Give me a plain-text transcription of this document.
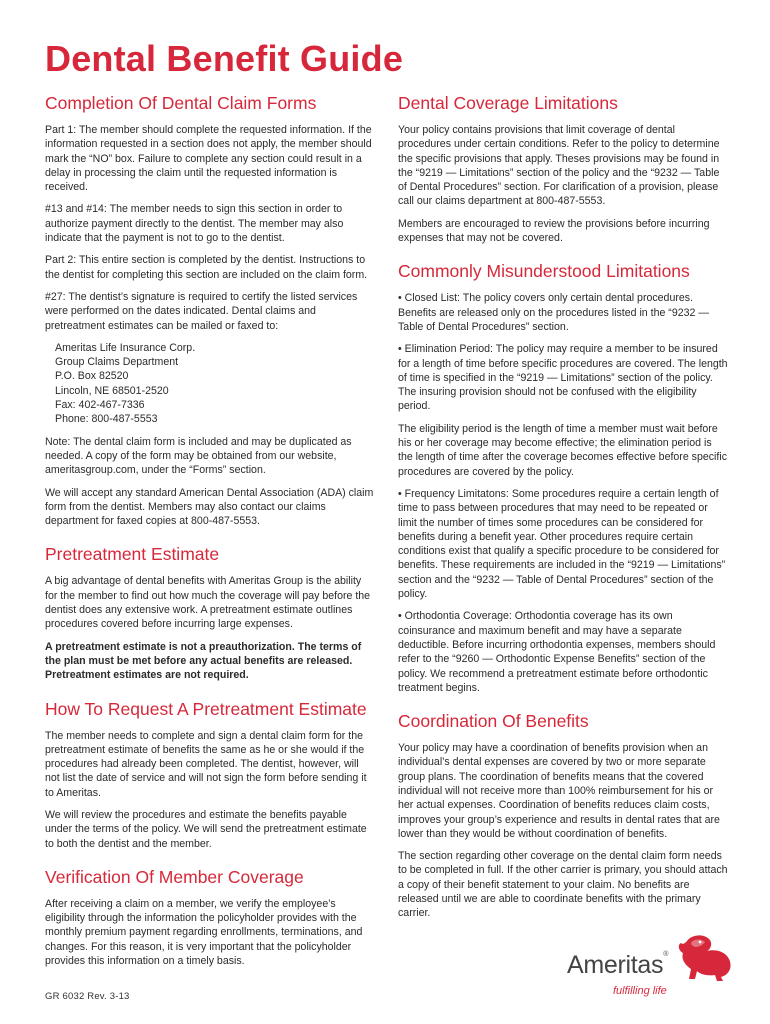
Dental Benefit Guide
Completion Of Dental Claim Forms

Part 1: The member should complete the requested information. If the information requested in a section does not apply, the member should mark the “NO” box. Failure to complete any section could result in a delay in processing the claim until the requested information is received.

#13 and #14: The member needs to sign this section in order to authorize payment directly to the dentist. The member may also indicate that the payment is not to go to the dentist.

Part 2: This entire section is completed by the dentist. Instructions to the dentist for completing this section are included on the claim form.

#27: The dentist’s signature is required to certify the listed services were performed on the dates indicated. Dental claims and pretreatment estimates can be mailed or faxed to:

Ameritas Life Insurance Corp.
Group Claims Department
P.O. Box 82520
Lincoln, NE 68501-2520
Fax: 402-467-7336
Phone: 800-487-5553

Note: The dental claim form is included and may be duplicated as needed. A copy of the form may be obtained from our website, ameritasgroup.com, under the “Forms” section.

We will accept any standard American Dental Association (ADA) claim form from the dentist. Members may also contact our claims department for faxed copies at 800-487-5553.

Pretreatment Estimate

A big advantage of dental benefits with Ameritas Group is the ability for the member to find out how much the coverage will pay before the dentist does any extensive work. A pretreatment estimate outlines procedures covered before incurring large expenses.

A pretreatment estimate is not a preauthorization. The terms of the plan must be met before any actual benefits are released. Pretreatment estimates are not required.

How To Request A Pretreatment Estimate

The member needs to complete and sign a dental claim form for the pretreatment estimate of benefits the same as he or she would if the procedures had already been completed. The dentist, however, will not list the date of service and will not sign the form before sending it to Ameritas.

We will review the procedures and estimate the benefits payable under the terms of the policy. We will send the pretreatment estimate to both the dentist and the member.

Verification Of Member Coverage

After receiving a claim on a member, we verify the employee’s eligibility through the information the policyholder provides with the monthly premium payment regarding enrollments, terminations, and changes. For this reason, it is very important that the policyholder provides this information on a timely basis.

Dental Coverage Limitations

Your policy contains provisions that limit coverage of dental procedures under certain conditions. Refer to the policy to determine the specific provisions that apply. Theses provisions may be found in the “9219 — Limitations” section of the policy and the “9232 — Table of Dental Procedures” section. For clarification of a provision, please call our claims department at 800-487-5553.

Members are encouraged to review the provisions before incurring expenses that may not be covered.

Commonly Misunderstood Limitations

• Closed List: The policy covers only certain dental procedures. Benefits are released only on the procedures listed in the “9232 — Table of Dental Procedures” section.

• Elimination Period: The policy may require a member to be insured for a length of time before specific procedures are covered. The length of time is specified in the “9219 — Limitations” section of the policy. The insuring provision should not be confused with the eligibility period.

The eligibility period is the length of time a member must wait before his or her coverage may become effective; the elimination period is the length of time after the coverage becomes effective before specific procedures are covered by the policy.

• Frequency Limitatons: Some procedures require a certain length of time to pass between procedures that may need to be repeated or limit the number of times some procedures can be considered for benefits during a benefit year. Other procedures require certain conditions exist that qualify a specific procedure to be considered for benefits. These requirements are included in the “9219 — Limitations” section and the “9232 — Table of Dental Procedures” section of the policy.

• Orthodontia Coverage: Orthodontia coverage has its own coinsurance and maximum benefit and may have a separate deductible. Before incurring orthodontia expenses, members should refer to the “9260 — Orthodontic Expense Benefits” section of the policy. We recommend a pretreatment estimate before orthodontic treatment begins.

Coordination Of Benefits

Your policy may have a coordination of benefits provision when an individual’s dental expenses are covered by two or more separate group plans. The coordination of benefits means that the covered individual will not receive more than 100% reimbursement for his or her actual expenses. Coordination of benefits reduces claim costs, improves your group’s experience and results in dental rates that are lower than they would be without coordination of benefits.

The section regarding other coverage on the dental claim form needs to be completed in full. If the other carrier is primary, you should attach a copy of their benefit statement to your claim. No benefits are released until we are able to coordinate benefits with the primary carrier.

GR 6032 Rev. 3-13
Ameritas®
fulfilling life
